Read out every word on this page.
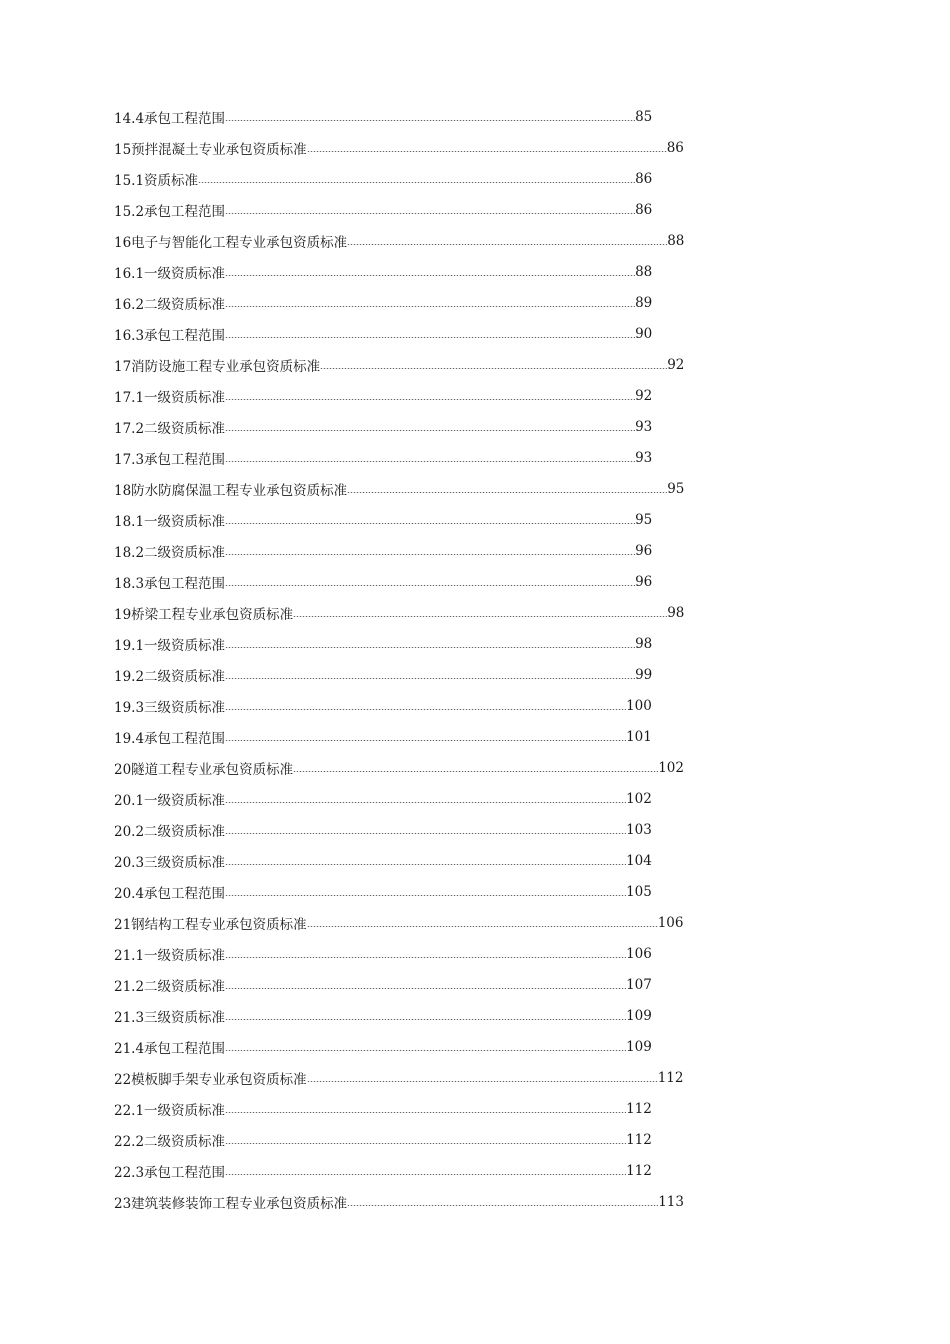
14.4承包工程范围	85
15预拌混凝土专业承包资质标准	86
15.1资质标准	86
15.2承包工程范围	86
16电子与智能化工程专业承包资质标准	88
16.1一级资质标准	88
16.2二级资质标准	89
16.3承包工程范围	90
17消防设施工程专业承包资质标准	92
17.1一级资质标准	92
17.2二级资质标准	93
17.3承包工程范围	93
18防水防腐保温工程专业承包资质标准	95
18.1一级资质标准	95
18.2二级资质标准	96
18.3承包工程范围	96
19桥梁工程专业承包资质标准	98
19.1一级资质标准	98
19.2二级资质标准	99
19.3三级资质标准	100
19.4承包工程范围	101
20隧道工程专业承包资质标准	102
20.1一级资质标准	102
20.2二级资质标准	103
20.3三级资质标准	104
20.4承包工程范围	105
21钢结构工程专业承包资质标准	106
21.1一级资质标准	106
21.2二级资质标准	107
21.3三级资质标准	109
21.4承包工程范围	109
22模板脚手架专业承包资质标准	112
22.1一级资质标准	112
22.2二级资质标准	112
22.3承包工程范围	112
23建筑装修装饰工程专业承包资质标准	113
